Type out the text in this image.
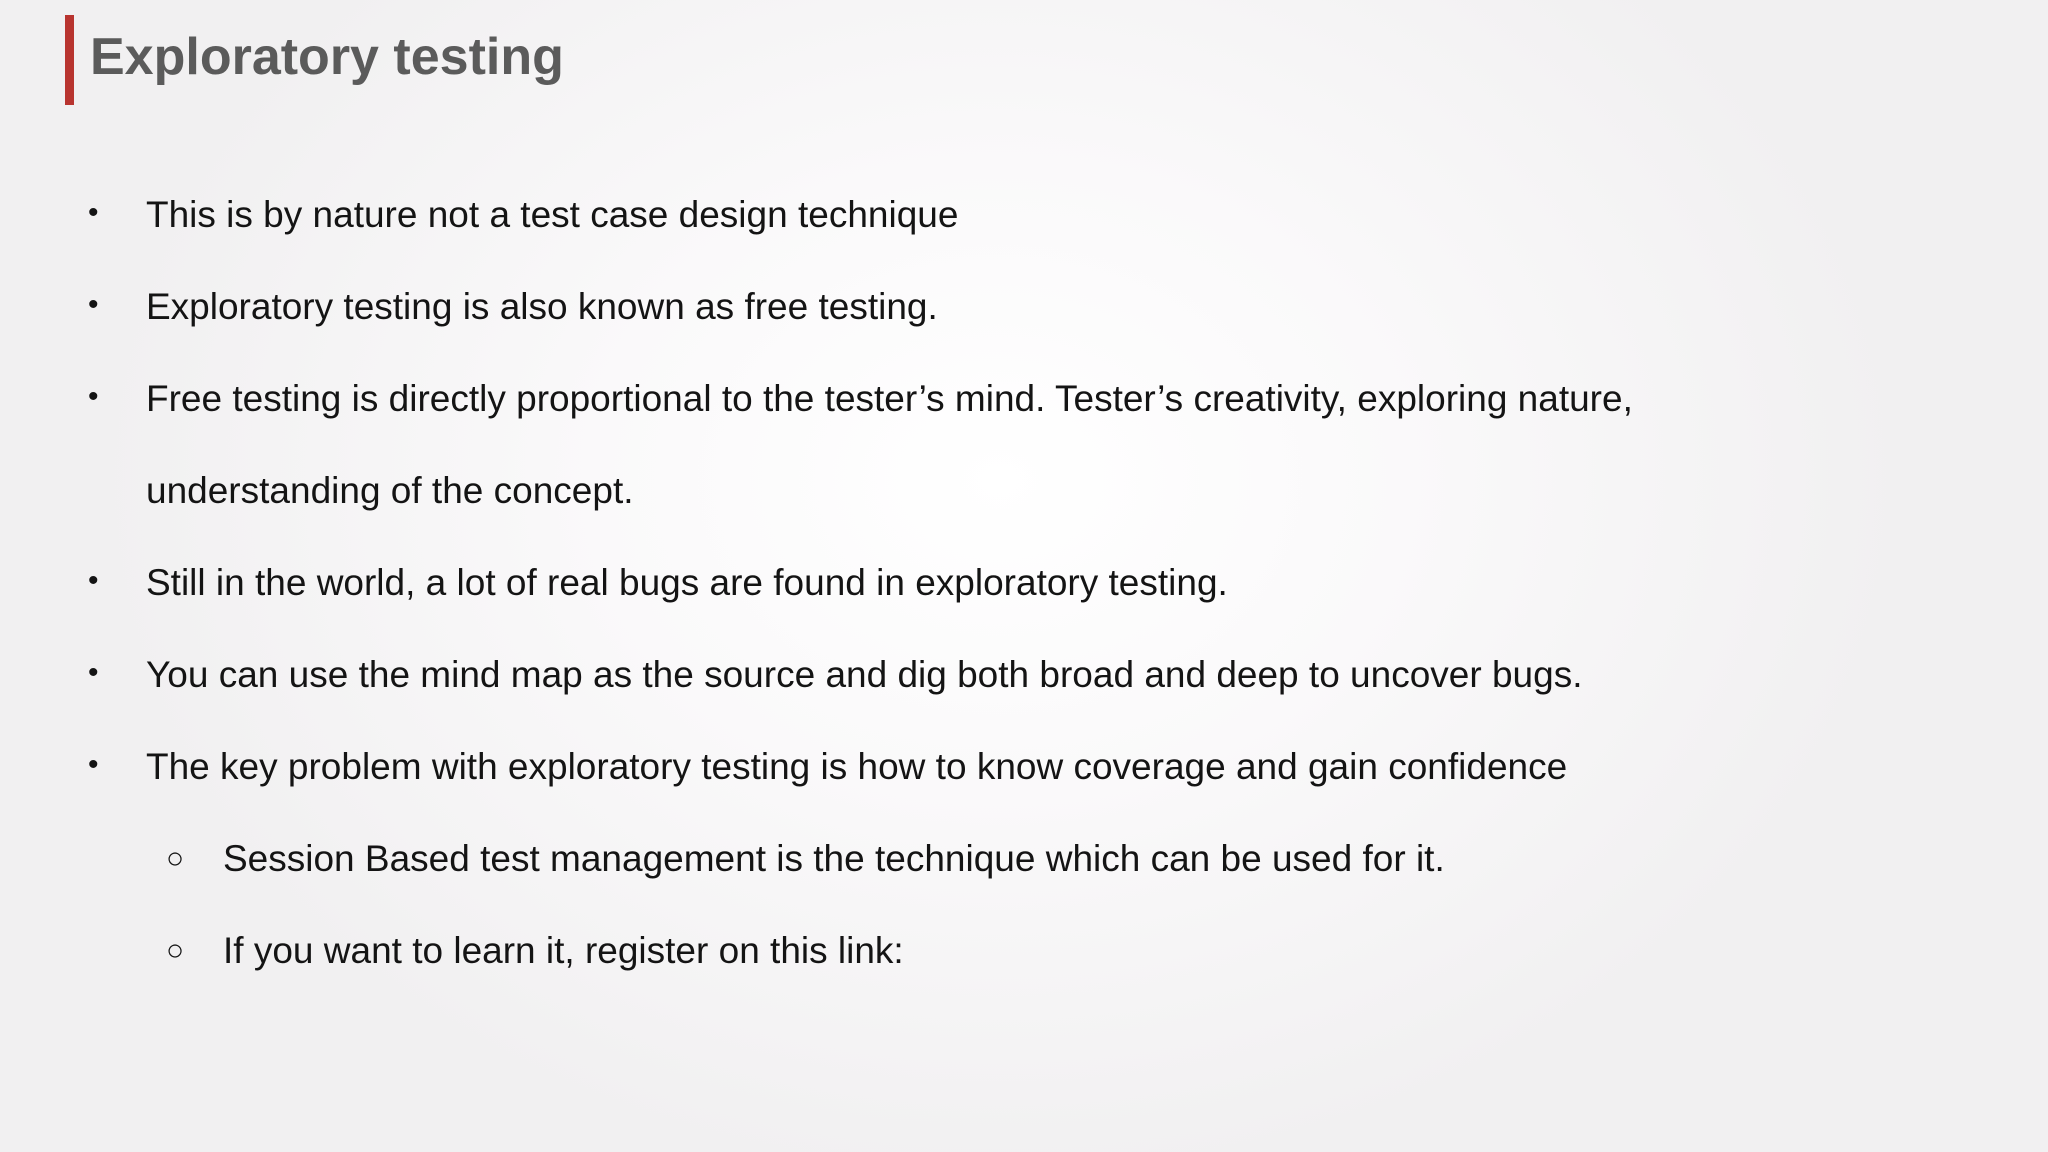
Exploratory testing
• This is by nature not a test case design technique
• Exploratory testing is also known as free testing.
• Free testing is directly proportional to the tester’s mind. Tester’s creativity, exploring nature,
understanding of the concept.
• Still in the world, a lot of real bugs are found in exploratory testing.
• You can use the mind map as the source and dig both broad and deep to uncover bugs.
• The key problem with exploratory testing is how to know coverage and gain confidence
○ Session Based test management is the technique which can be used for it.
○ If you want to learn it, register on this link:
